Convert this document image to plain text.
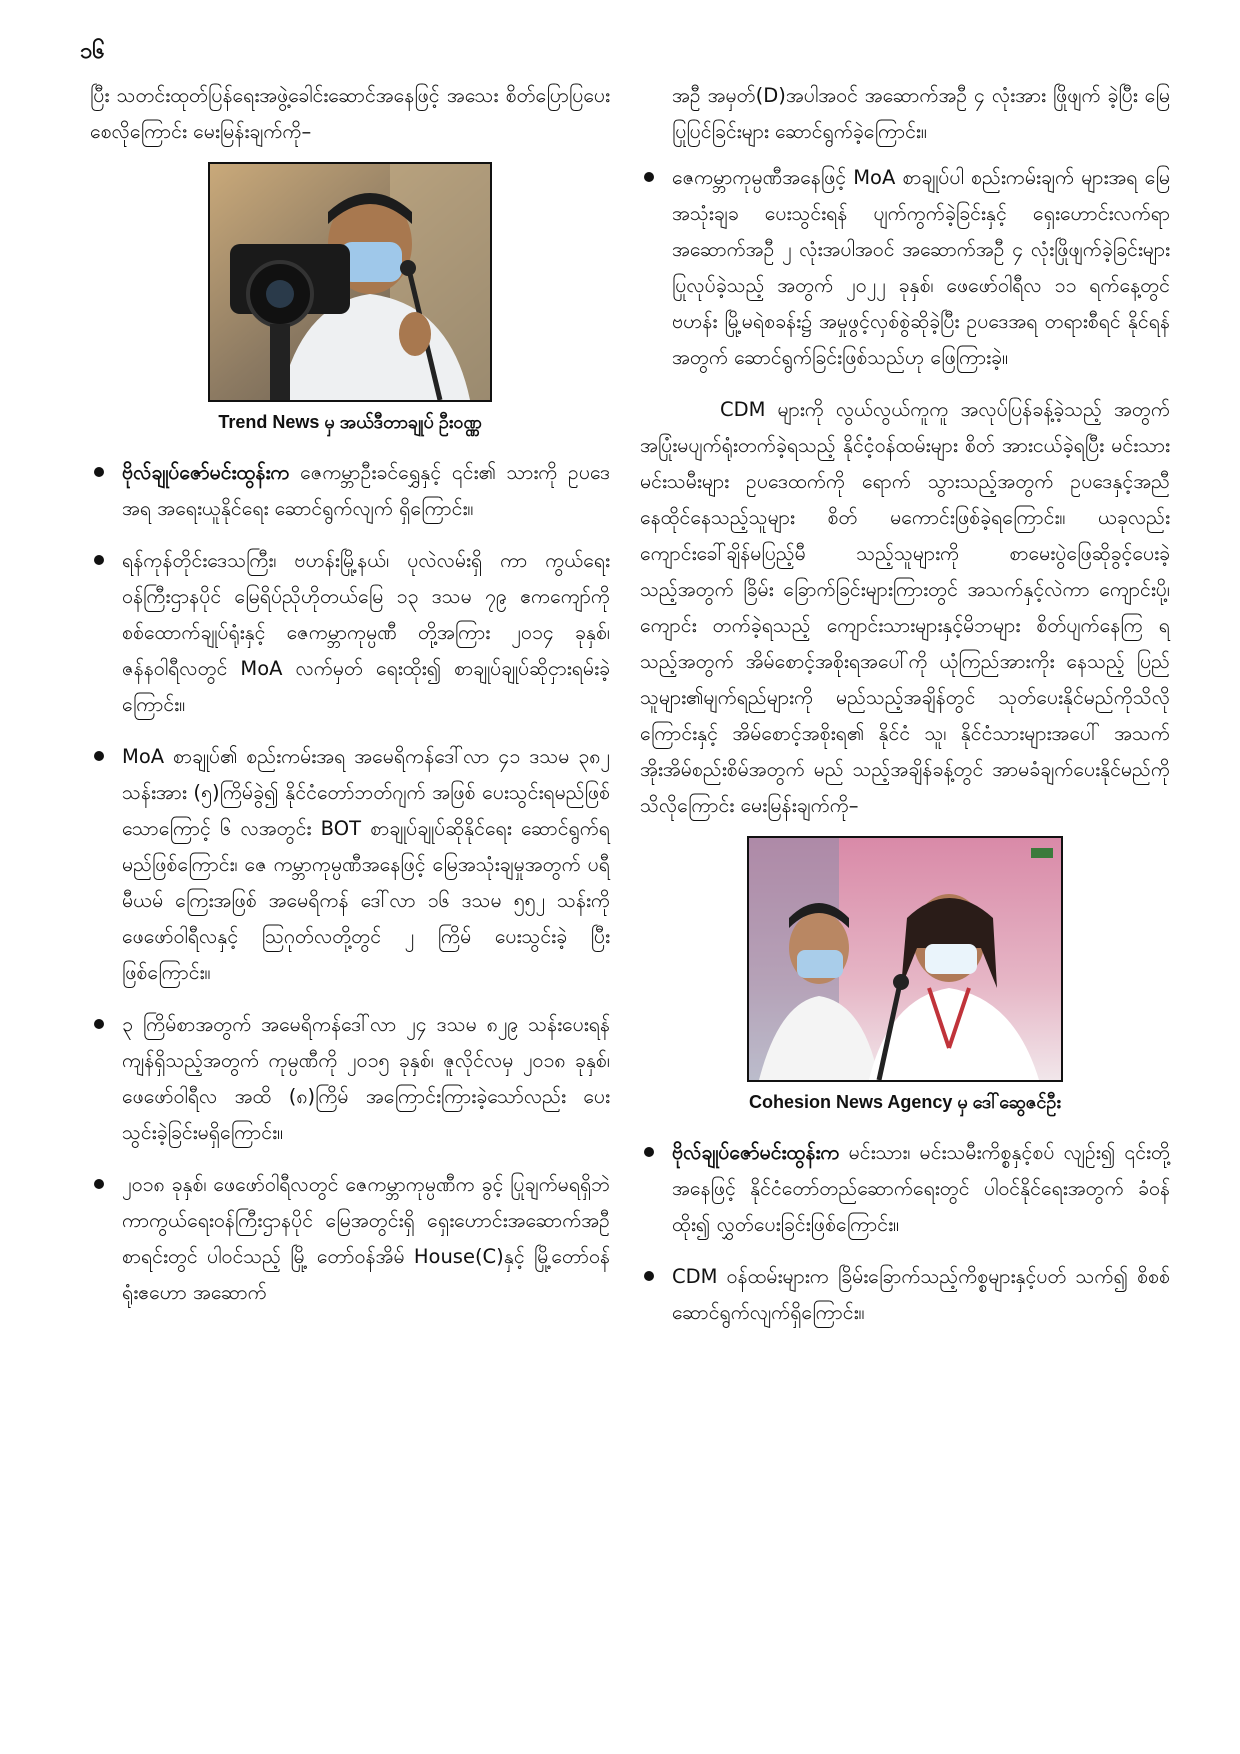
၁၆

ပြီး သတင်းထုတ်ပြန်ရေးအဖွဲ့ခေါင်းဆောင်အနေဖြင့် အသေး စိတ်ပြောပြပေးစေလိုကြောင်း မေးမြန်းချက်ကို–

Trend News မှ အယ်ဒီတာချုပ် ဦးဝဏ္ဏ
ဗိုလ်ချုပ်ဇော်မင်းထွန်းက ဇေကမ္ဘာဦးခင်ရွှေနှင့် ၎င်း၏ သားကို ဥပဒေအရ အရေးယူနိုင်ရေး ဆောင်ရွက်လျက် ရှိကြောင်း။
ရန်ကုန်တိုင်းဒေသကြီး၊ ဗဟန်းမြို့နယ်၊ ပုလဲလမ်းရှိ ကာ ကွယ်ရေးဝန်ကြီးဌာနပိုင် မြေရိပ်ညိုဟိုတယ်မြေ ၁၃ ဒသမ ၇၉ ဧကကျော်ကို စစ်ထောက်ချုပ်ရုံးနှင့် ဇေကမ္ဘာကုမ္ပဏီ တို့အကြား ၂၀၁၄ ခုနှစ်၊ ဇန်နဝါရီလတွင် MoA လက်မှတ် ရေးထိုး၍ စာချုပ်ချုပ်ဆိုငှားရမ်းခဲ့ကြောင်း။
MoA စာချုပ်၏ စည်းကမ်းအရ အမေရိကန်ဒေါ်လာ ၄၁ ဒသမ ၃၈၂ သန်းအား (၅)ကြိမ်ခွဲ၍ နိုင်ငံတော်ဘတ်ဂျက် အဖြစ် ပေးသွင်းရမည်ဖြစ်သောကြောင့် ၆ လအတွင်း BOT စာချုပ်ချုပ်ဆိုနိုင်ရေး ဆောင်ရွက်ရမည်ဖြစ်ကြောင်း၊ ဇေ ကမ္ဘာကုမ္ပဏီအနေဖြင့် မြေအသုံးချမှုအတွက် ပရီမီယမ် ကြေးအဖြစ် အမေရိကန် ဒေါ်လာ ၁၆ ဒသမ ၅၅၂ သန်းကို ဖေဖော်ဝါရီလနှင့် ဩဂုတ်လတို့တွင် ၂ ကြိမ် ပေးသွင်းခဲ့ ပြီးဖြစ်ကြောင်း။
၃ ကြိမ်စာအတွက် အမေရိကန်ဒေါ်လာ ၂၄ ဒသမ ၈၂၉ သန်းပေးရန် ကျန်ရှိသည့်အတွက် ကုမ္ပဏီကို ၂၀၁၅ ခုနှစ်၊ ဇူလိုင်လမှ ၂၀၁၈ ခုနှစ်၊ ဖေဖော်ဝါရီလ အထိ (၈)ကြိမ် အကြောင်းကြားခဲ့သော်လည်း ပေးသွင်းခဲ့ခြင်းမရှိကြောင်း။
၂၀၁၈ ခုနှစ်၊ ဖေဖော်ဝါရီလတွင် ဇေကမ္ဘာကုမ္ပဏီက ခွင့် ပြုချက်မရရှိဘဲ ကာကွယ်ရေးဝန်ကြီးဌာနပိုင် မြေအတွင်းရှိ ရှေးဟောင်းအဆောက်အဦစာရင်းတွင် ပါဝင်သည့် မြို့ တော်ဝန်အိမ် House(C)နှင့် မြို့တော်ဝန်ရုံးဧဟော အဆောက်

အဦ အမှတ်(D)အပါအဝင် အဆောက်အဦ ၄ လုံးအား ဖြိုဖျက် ခဲ့ပြီး မြေပြုပြင်ခြင်းများ ဆောင်ရွက်ခဲ့ကြောင်း။

ဇေကမ္ဘာကုမ္ပဏီအနေဖြင့် MoA စာချုပ်ပါ စည်းကမ်းချက် များအရ မြေအသုံးချခ ပေးသွင်းရန် ပျက်ကွက်ခဲ့ခြင်းနှင့် ရှေးဟောင်းလက်ရာအဆောက်အဦ ၂ လုံးအပါအဝင် အဆောက်အဦ ၄ လုံးဖြိုဖျက်ခဲ့ခြင်းများပြုလုပ်ခဲ့သည့် အတွက် ၂၀၂၂ ခုနှစ်၊ ဖေဖော်ဝါရီလ ၁၁ ရက်နေ့တွင် ဗဟန်း မြို့မရဲစခန်း၌ အမှုဖွင့်လှစ်စွဲဆိုခဲ့ပြီး ဥပဒေအရ တရားစီရင် နိုင်ရန်အတွက် ဆောင်ရွက်ခြင်းဖြစ်သည်ဟု ဖြေကြားခဲ့။

CDM များကို လွယ်လွယ်ကူကူ အလုပ်ပြန်ခန့်ခဲ့သည့် အတွက် အပြုံးမပျက်ရုံးတက်ခဲ့ရသည့် နိုင်ငံ့ဝန်ထမ်းများ စိတ် အားငယ်ခဲ့ရပြီး မင်းသားမင်းသမီးများ ဥပဒေထက်ကို ရောက် သွားသည့်အတွက် ဥပဒေနှင့်အညီနေထိုင်နေသည့်သူများ စိတ် မကောင်းဖြစ်ခဲ့ရကြောင်း။ ယခုလည်း ကျောင်းခေါ်ချိန်မပြည့်မီ သည့်သူများကို စာမေးပွဲဖြေဆိုခွင့်ပေးခဲ့သည့်အတွက် ခြိမ်း ခြောက်ခြင်းများကြားတွင် အသက်နှင့်လဲကာ ကျောင်းပို့၊ ကျောင်း တက်ခဲ့ရသည့် ကျောင်းသားများနှင့်မိဘများ စိတ်ပျက်နေကြ ရသည့်အတွက် အိမ်စောင့်အစိုးရအပေါ်ကို ယုံကြည်အားကိုး နေသည့် ပြည်သူများ၏မျက်ရည်များကို မည်သည့်အချိန်တွင် သုတ်ပေးနိုင်မည်ကိုသိလိုကြောင်းနှင့် အိမ်စောင့်အစိုးရ၏ နိုင်ငံ သူ၊ နိုင်ငံသားများအပေါ် အသက်အိုးအိမ်စည်းစိမ်အတွက် မည် သည့်အချိန်ခန့်တွင် အာမခံချက်ပေးနိုင်မည်ကို သိလိုကြောင်း မေးမြန်းချက်ကို–

Cohesion News Agency မှ ဒေါ်ဆွေဇင်ဦး
ဗိုလ်ချုပ်ဇော်မင်းထွန်းက မင်းသား၊ မင်းသမီးကိစ္စနှင့်စပ် လျဉ်း၍ ၎င်းတို့အနေဖြင့် နိုင်ငံတော်တည်ဆောက်ရေးတွင် ပါဝင်နိုင်ရေးအတွက် ခံဝန်ထိုး၍ လွှတ်ပေးခြင်းဖြစ်ကြောင်း။
CDM ဝန်ထမ်းများက ခြိမ်းခြောက်သည့်ကိစ္စများနှင့်ပတ် သက်၍ စိစစ်ဆောင်ရွက်လျက်ရှိကြောင်း။
